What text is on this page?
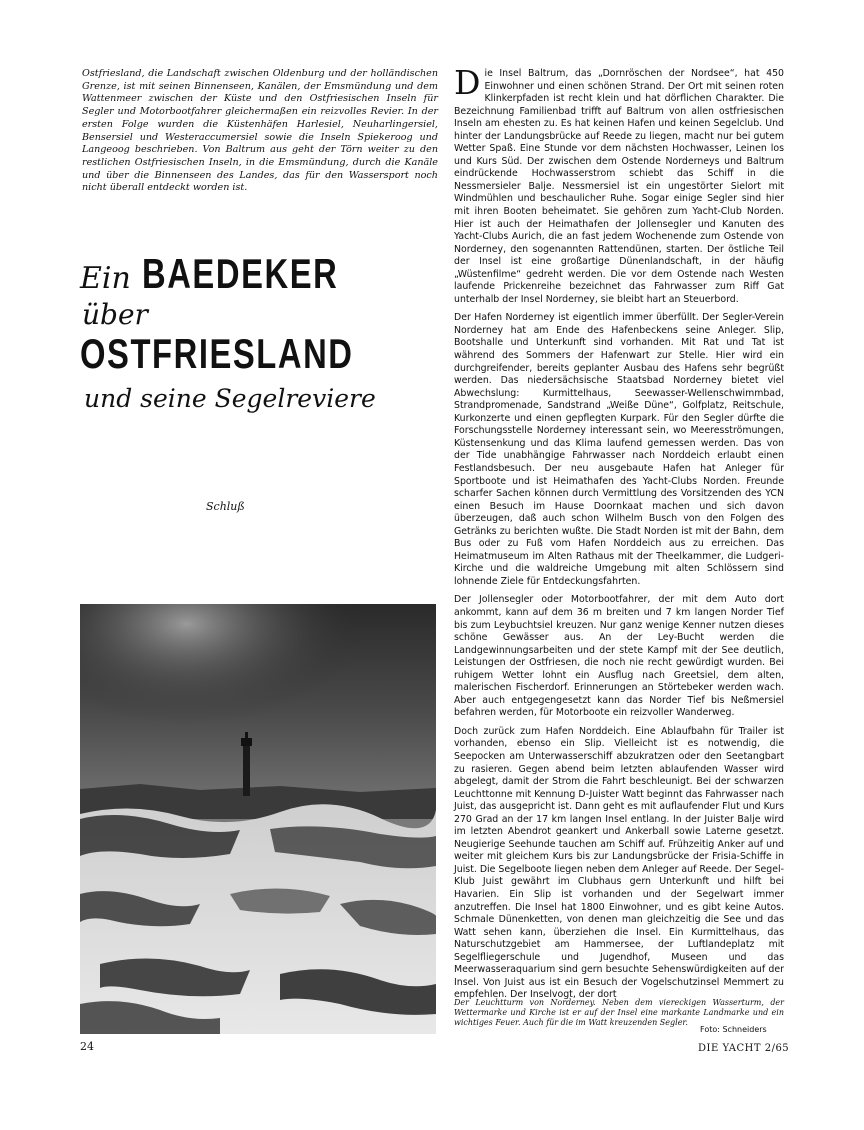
Ostfriesland, die Landschaft zwischen Oldenburg und der holländischen Grenze, ist mit seinen Binnenseen, Kanälen, der Emsmündung und dem Wattenmeer zwischen der Küste und den Ostfriesischen Inseln für Segler und Motorbootfahrer gleichermaßen ein reizvolles Revier. In der ersten Folge wurden die Küstenhäfen Harlesiel, Neuharlingersiel, Bensersiel und Westeraccumersiel sowie die Inseln Spiekeroog und Langeoog beschrieben. Von Baltrum aus geht der Törn weiter zu den restlichen Ostfriesischen Inseln, in die Emsmündung, durch die Kanäle und über die Binnenseen des Landes, das für den Wassersport noch nicht überall entdeckt worden ist.

Ein BAEDEKER
über
OSTFRIESLAND
und seine Segelreviere
Schluß

Die Insel Baltrum, das „Dornröschen der Nordsee“, hat 450 Einwohner und einen schönen Strand. Der Ort mit seinen roten Klinkerpfaden ist recht klein und hat dörflichen Charakter. Die Bezeichnung Familienbad trifft auf Baltrum von allen ostfriesischen Inseln am ehesten zu. Es hat keinen Hafen und keinen Segelclub. Und hinter der Landungsbrücke auf Reede zu liegen, macht nur bei gutem Wetter Spaß. Eine Stunde vor dem nächsten Hochwasser, Leinen los und Kurs Süd. Der zwischen dem Ostende Norderneys und Baltrum eindrückende Hochwasserstrom schiebt das Schiff in die Nessmersieler Balje. Nessmersiel ist ein ungestörter Sielort mit Windmühlen und beschaulicher Ruhe. Sogar einige Segler sind hier mit ihren Booten beheimatet. Sie gehören zum Yacht-Club Norden. Hier ist auch der Heimathafen der Jollensegler und Kanuten des Yacht-Clubs Aurich, die an fast jedem Wochenende zum Ostende von Norderney, den sogenannten Rattendünen, starten. Der östliche Teil der Insel ist eine großartige Dünenlandschaft, in der häufig „Wüstenfilme“ gedreht werden. Die vor dem Ostende nach Westen laufende Prickenreihe bezeichnet das Fahrwasser zum Riff Gat unterhalb der Insel Norderney, sie bleibt hart an Steuerbord.

Der Hafen Norderney ist eigentlich immer überfüllt. Der Segler-Verein Norderney hat am Ende des Hafenbeckens seine Anleger. Slip, Bootshalle und Unterkunft sind vorhanden. Mit Rat und Tat ist während des Sommers der Hafenwart zur Stelle. Hier wird ein durchgreifender, bereits geplanter Ausbau des Hafens sehr begrüßt werden. Das niedersächsische Staatsbad Norderney bietet viel Abwechslung: Kurmittelhaus, Seewasser-Wellenschwimmbad, Strandpromenade, Sandstrand „Weiße Düne“, Golfplatz, Reitschule, Kurkonzerte und einen gepflegten Kurpark. Für den Segler dürfte die Forschungsstelle Norderney interessant sein, wo Meeresströmungen, Küstensenkung und das Klima laufend gemessen werden. Das von der Tide unabhängige Fahrwasser nach Norddeich erlaubt einen Festlandsbesuch. Der neu ausgebaute Hafen hat Anleger für Sportboote und ist Heimathafen des Yacht-Clubs Norden. Freunde scharfer Sachen können durch Vermittlung des Vorsitzenden des YCN einen Besuch im Hause Doornkaat machen und sich davon überzeugen, daß auch schon Wilhelm Busch von den Folgen des Getränks zu berichten wußte. Die Stadt Norden ist mit der Bahn, dem Bus oder zu Fuß vom Hafen Norddeich aus zu erreichen. Das Heimatmuseum im Alten Rathaus mit der Theelkammer, die Ludgeri-Kirche und die waldreiche Umgebung mit alten Schlössern sind lohnende Ziele für Entdeckungsfahrten.

Der Jollensegler oder Motorbootfahrer, der mit dem Auto dort ankommt, kann auf dem 36 m breiten und 7 km langen Norder Tief bis zum Leybuchtsiel kreuzen. Nur ganz wenige Kenner nutzen dieses schöne Gewässer aus. An der Ley-Bucht werden die Landgewinnungsarbeiten und der stete Kampf mit der See deutlich, Leistungen der Ostfriesen, die noch nie recht gewürdigt wurden. Bei ruhigem Wetter lohnt ein Ausflug nach Greetsiel, dem alten, malerischen Fischerdorf. Erinnerungen an Störtebeker werden wach. Aber auch entgegengesetzt kann das Norder Tief bis Neßmersiel befahren werden, für Motorboote ein reizvoller Wanderweg.

Doch zurück zum Hafen Norddeich. Eine Ablaufbahn für Trailer ist vorhanden, ebenso ein Slip. Vielleicht ist es notwendig, die Seepocken am Unterwasserschiff abzukratzen oder den Seetangbart zu rasieren. Gegen abend beim letzten ablaufenden Wasser wird abgelegt, damit der Strom die Fahrt beschleunigt. Bei der schwarzen Leuchttonne mit Kennung D-Juister Watt beginnt das Fahrwasser nach Juist, das ausgepricht ist. Dann geht es mit auflaufender Flut und Kurs 270 Grad an der 17 km langen Insel entlang. In der Juister Balje wird im letzten Abendrot geankert und Ankerball sowie Laterne gesetzt. Neugierige Seehunde tauchen am Schiff auf. Frühzeitig Anker auf und weiter mit gleichem Kurs bis zur Landungsbrücke der Frisia-Schiffe in Juist. Die Segelboote liegen neben dem Anleger auf Reede. Der Segel-Klub Juist gewährt im Clubhaus gern Unterkunft und hilft bei Havarien. Ein Slip ist vorhanden und der Segelwart immer anzutreffen. Die Insel hat 1800 Einwohner, und es gibt keine Autos. Schmale Dünenketten, von denen man gleichzeitig die See und das Watt sehen kann, überziehen die Insel. Ein Kurmittelhaus, das Naturschutzgebiet am Hammersee, der Luftlandeplatz mit Segelfliegerschule und Jugendhof, Museen und das Meerwasseraquarium sind gern besuchte Sehenswürdigkeiten auf der Insel. Von Juist aus ist ein Besuch der Vogelschutzinsel Memmert zu empfehlen. Der Inselvogt, der dort

Der Leuchtturm von Norderney. Neben dem viereckigen Wasserturm, der Wettermarke und Kirche ist er auf der Insel eine markante Landmarke und ein wichtiges Feuer. Auch für die im Watt kreuzenden Segler.

Foto: Schneiders
24	DIE YACHT 2/65
